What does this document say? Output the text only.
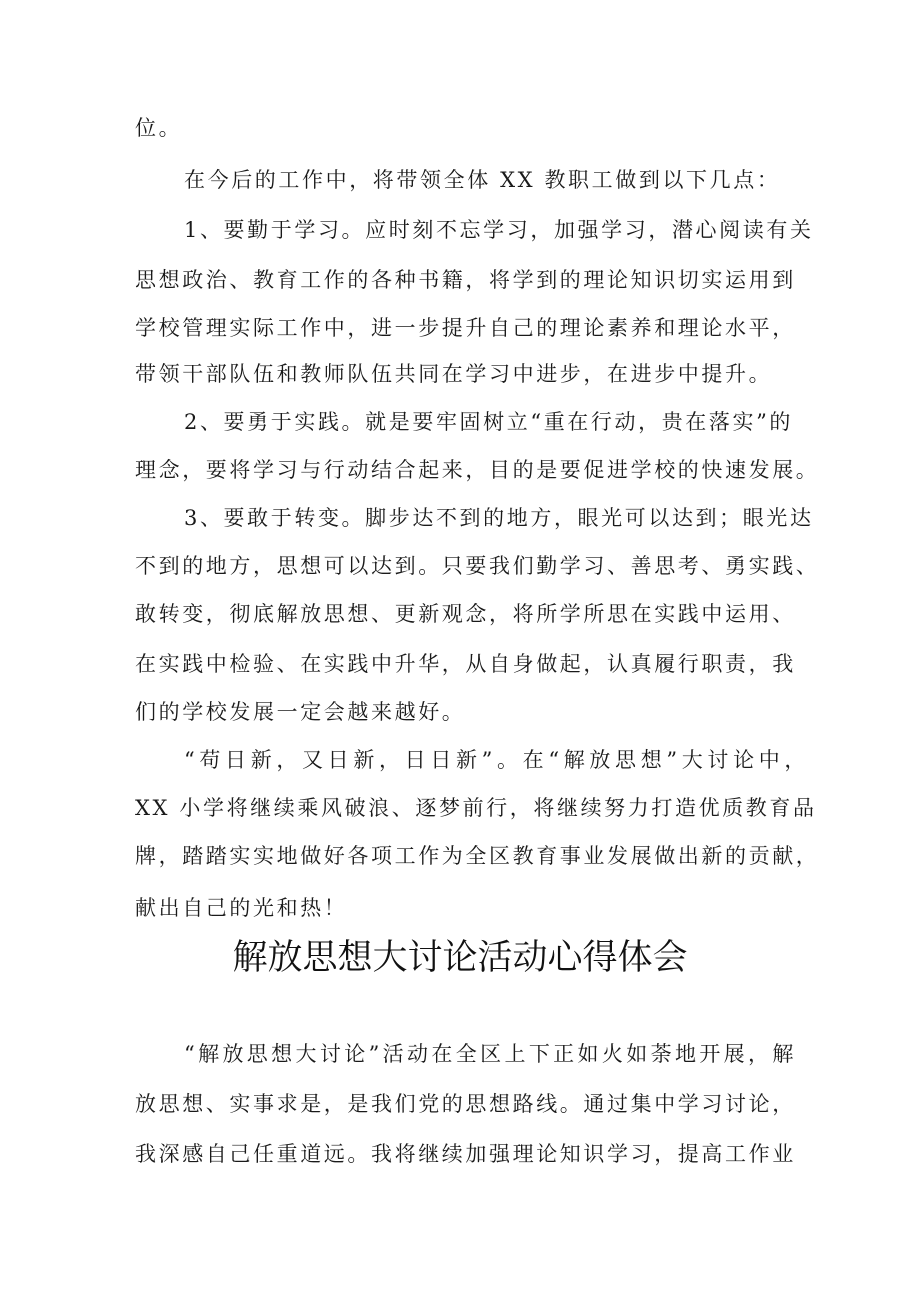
位。
在今后的工作中，将带领全体 XX 教职工做到以下几点：
1、要勤于学习。应时刻不忘学习，加强学习，潜心阅读有关
思想政治、教育工作的各种书籍，将学到的理论知识切实运用到
学校管理实际工作中，进一步提升自己的理论素养和理论水平，
带领干部队伍和教师队伍共同在学习中进步，在进步中提升。
2、要勇于实践。就是要牢固树立“重在行动，贵在落实”的
理念，要将学习与行动结合起来，目的是要促进学校的快速发展。
3、要敢于转变。脚步达不到的地方，眼光可以达到；眼光达
不到的地方，思想可以达到。只要我们勤学习、善思考、勇实践、
敢转变，彻底解放思想、更新观念，将所学所思在实践中运用、
在实践中检验、在实践中升华，从自身做起，认真履行职责，我
们的学校发展一定会越来越好。
“苟日新，又日新，日日新”。在“解放思想”大讨论中，
XX 小学将继续乘风破浪、逐梦前行，将继续努力打造优质教育品
牌，踏踏实实地做好各项工作为全区教育事业发展做出新的贡献，
献出自己的光和热！
解放思想大讨论活动心得体会
“解放思想大讨论”活动在全区上下正如火如荼地开展，解
放思想、实事求是，是我们党的思想路线。通过集中学习讨论，
我深感自己任重道远。我将继续加强理论知识学习，提高工作业
